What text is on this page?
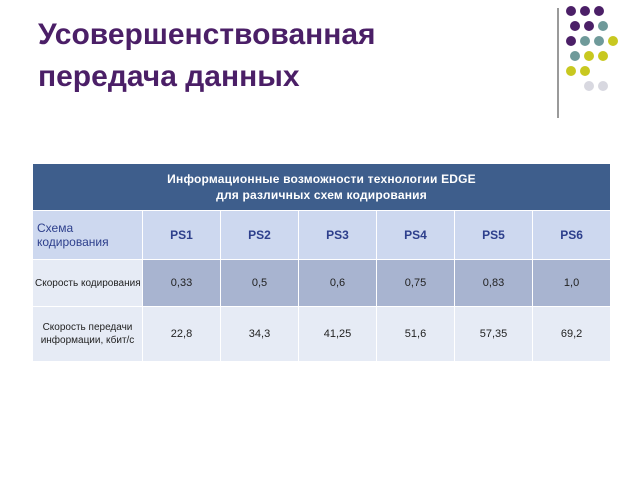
Усовершенствованная
передача данных
Информационные возможности технологии EDGE
для различных схем кодирования						

Схема кодирования	PS1	PS2	PS3	PS4	PS5	PS6
Скорость кодирования	0,33	0,5	0,6	0,75	0,83	1,0

Скорость передачи
информации, кбит/с	22,8	34,3	41,25	51,6	57,35	69,2
